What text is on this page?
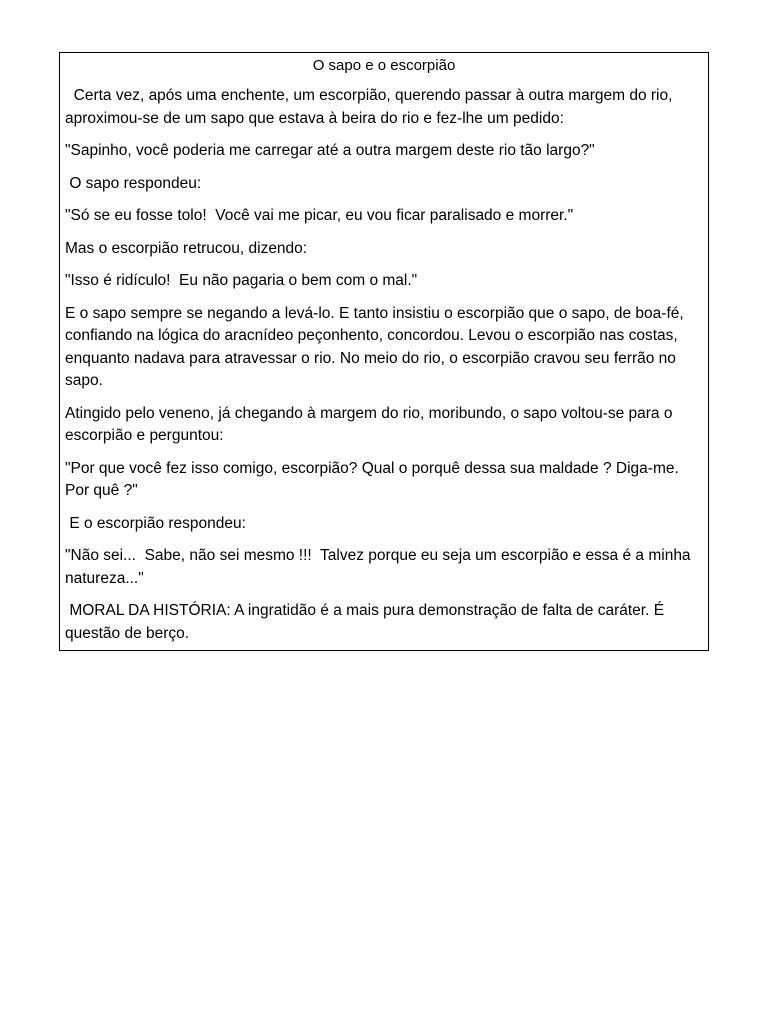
O sapo e o escorpião

Certa vez, após uma enchente, um escorpião, querendo passar à outra margem do rio, aproximou-se de um sapo que estava à beira do rio e fez-lhe um pedido:

"Sapinho, você poderia me carregar até a outra margem deste rio tão largo?"

O sapo respondeu:

"Só se eu fosse tolo!  Você vai me picar, eu vou ficar paralisado e morrer."

Mas o escorpião retrucou, dizendo:

"Isso é ridículo!  Eu não pagaria o bem com o mal."

E o sapo sempre se negando a levá-lo. E tanto insistiu o escorpião que o sapo, de boa-fé, confiando na lógica do aracnídeo peçonhento, concordou. Levou o escorpião nas costas, enquanto nadava para atravessar o rio. No meio do rio, o escorpião cravou seu ferrão no sapo.

Atingido pelo veneno, já chegando à margem do rio, moribundo, o sapo voltou-se para o escorpião e perguntou:

"Por que você fez isso comigo, escorpião? Qual o porquê dessa sua maldade ? Diga-me. Por quê ?"

E o escorpião respondeu:

"Não sei...  Sabe, não sei mesmo !!!  Talvez porque eu seja um escorpião e essa é a minha natureza..."

MORAL DA HISTÓRIA: A ingratidão é a mais pura demonstração de falta de caráter. É questão de berço.
